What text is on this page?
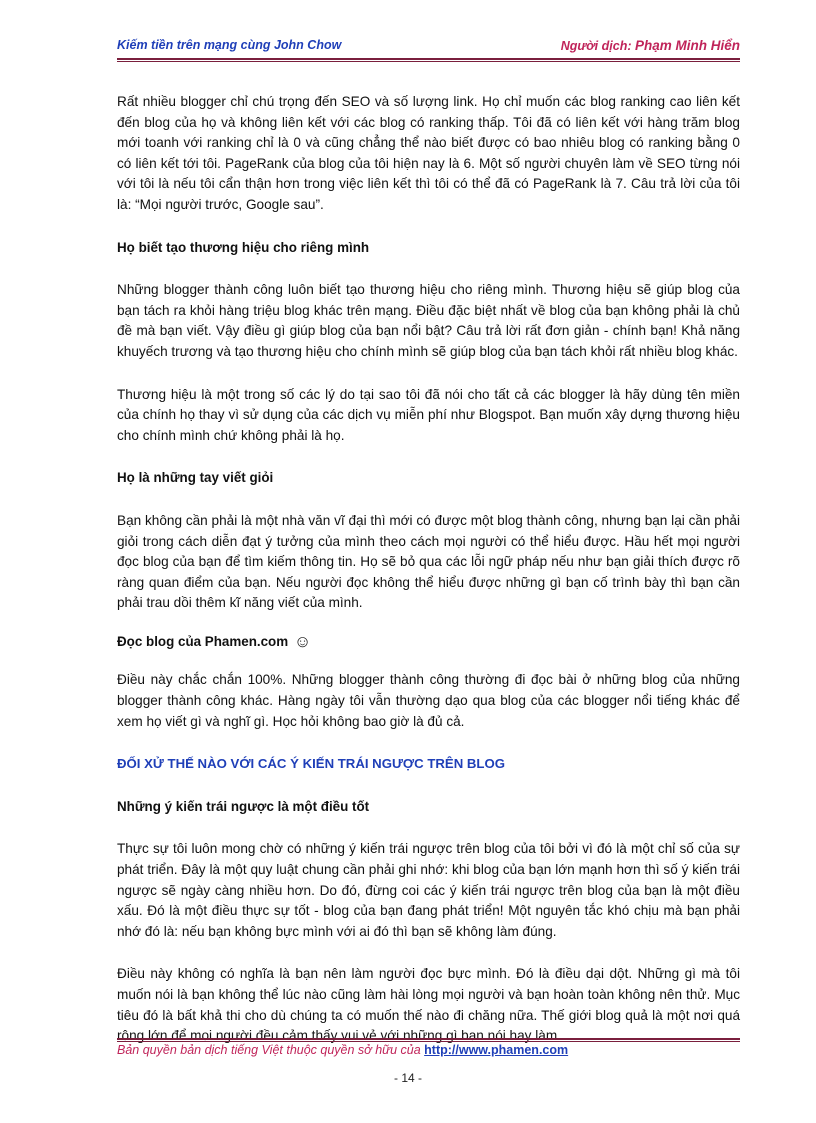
Kiếm tiền trên mạng cùng John Chow	Người dịch: Phạm Minh Hiển

Rất nhiều blogger chỉ chú trọng đến SEO và số lượng link. Họ chỉ muốn các blog ranking cao liên kết đến blog của họ và không liên kết với các blog có ranking thấp. Tôi đã có liên kết với hàng trăm blog mới toanh với ranking chỉ là 0 và cũng chẳng thể nào biết được có bao nhiêu blog có ranking bằng 0 có liên kết tới tôi. PageRank của blog của tôi hiện nay là 6. Một số người chuyên làm về SEO từng nói với tôi là nếu tôi cẩn thận hơn trong việc liên kết thì tôi có thể đã có PageRank là 7. Câu trả lời của tôi là: “Mọi người trước, Google sau”.

Họ biết tạo thương hiệu cho riêng mình

Những blogger thành công luôn biết tạo thương hiệu cho riêng mình. Thương hiệu sẽ giúp blog của bạn tách ra khỏi hàng triệu blog khác trên mạng. Điều đặc biệt nhất về blog của bạn không phải là chủ đề mà bạn viết. Vậy điều gì giúp blog của bạn nổi bật? Câu trả lời rất đơn giản - chính bạn! Khả năng khuyếch trương và tạo thương hiệu cho chính mình sẽ giúp blog của bạn tách khỏi rất nhiều blog khác.

Thương hiệu là một trong số các lý do tại sao tôi đã nói cho tất cả các blogger là hãy dùng tên miền của chính họ thay vì sử dụng của các dịch vụ miễn phí như Blogspot. Bạn muốn xây dựng thương hiệu cho chính mình chứ không phải là họ.

Họ là những tay viết giỏi

Bạn không cần phải là một nhà văn vĩ đại thì mới có được một blog thành công, nhưng bạn lại cần phải giỏi trong cách diễn đạt ý tưởng của mình theo cách mọi người có thể hiểu được. Hầu hết mọi người đọc blog của bạn để tìm kiếm thông tin. Họ sẽ bỏ qua các lỗi ngữ pháp nếu như bạn giải thích được rõ ràng quan điểm của bạn. Nếu người đọc không thể hiểu được những gì bạn cố trình bày thì bạn cần phải trau dồi thêm kĩ năng viết của mình.

Đọc blog của Phamen.com ☺

Điều này chắc chắn 100%. Những blogger thành công thường đi đọc bài ở những blog của những blogger thành công khác. Hàng ngày tôi vẫn thường dạo qua blog của các blogger nổi tiếng khác để xem họ viết gì và nghĩ gì. Học hỏi không bao giờ là đủ cả.

ĐỐI XỬ THẾ NÀO VỚI CÁC Ý KIẾN TRÁI NGƯỢC TRÊN BLOG

Những ý kiến trái ngược là một điều tốt

Thực sự tôi luôn mong chờ có những ý kiến trái ngược trên blog của tôi bởi vì đó là một chỉ số của sự phát triển. Đây là một quy luật chung cần phải ghi nhớ: khi blog của bạn lớn mạnh hơn thì số ý kiến trái ngược sẽ ngày càng nhiều hơn. Do đó, đừng coi các ý kiến trái ngược trên blog của bạn là một điều xấu. Đó là một điều thực sự tốt - blog của bạn đang phát triển! Một nguyên tắc khó chịu mà bạn phải nhớ đó là: nếu bạn không bực mình với ai đó thì bạn sẽ không làm đúng.

Điều này không có nghĩa là bạn nên làm người đọc bực mình. Đó là điều dại dột. Những gì mà tôi muốn nói là bạn không thể lúc nào cũng làm hài lòng mọi người và bạn hoàn toàn không nên thử. Mục tiêu đó là bất khả thi cho dù chúng ta có muốn thế nào đi chăng nữa. Thế giới blog quả là một nơi quá rộng lớn để mọi người đều cảm thấy vui vẻ với những gì bạn nói hay làm.

Bản quyền bản dịch tiếng Việt thuộc quyền sở hữu của http://www.phamen.com
- 14 -
